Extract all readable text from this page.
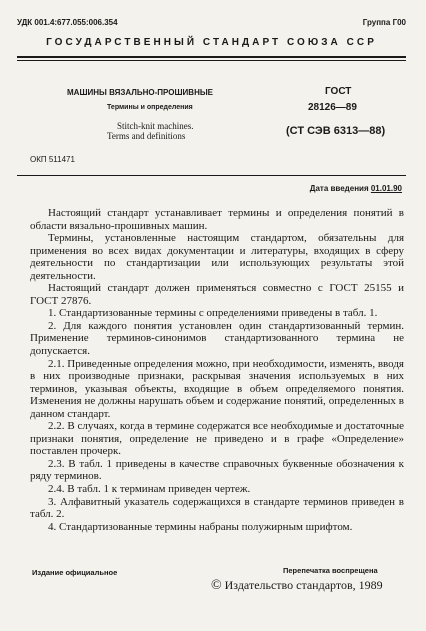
УДК 001.4:677.055:006.354	Группа Г00
ГОСУДАРСТВЕННЫЙ СТАНДАРТ СОЮЗА ССР
МАШИНЫ ВЯЗАЛЬНО-ПРОШИВНЫЕ
Термины и определения
Stitch-knit machines.
Terms and definitions
ГОСТ
28126—89
(СТ СЭВ 6313—88)
ОКП 511471
Дата введения 01.01.90

Настоящий стандарт устанавливает термины и определения понятий в области вязально-прошивных машин.

Термины, установленные настоящим стандартом, обязательны для применения во всех видах документации и литературы, входящих в сферу деятельности по стандартизации или использующих результаты этой деятельности.

Настоящий стандарт должен применяться совместно с ГОСТ 25155 и ГОСТ 27876.

1. Стандартизованные термины с определениями приведены в табл. 1.

2. Для каждого понятия установлен один стандартизованный термин. Применение терминов-синонимов стандартизованного термина не допускается.

2.1. Приведенные определения можно, при необходимости, изменять, вводя в них производные признаки, раскрывая значения используемых в них терминов, указывая объекты, входящие в объем определяемого понятия. Изменения не должны нарушать объем и содержание понятий, определенных в данном стандарт.

2.2. В случаях, когда в термине содержатся все необходимые и достаточные признаки понятия, определение не приведено и в графе «Определение» поставлен прочерк.

2.3. В табл. 1 приведены в качестве справочных буквенные обозначения к ряду терминов.

2.4. В табл. 1 к терминам приведен чертеж.

3. Алфавитный указатель содержащихся в стандарте терминов приведен в табл. 2.

4. Стандартизованные термины набраны полужирным шрифтом.

Издание официальное	Перепечатка воспрещена
© Издательство стандартов, 1989
